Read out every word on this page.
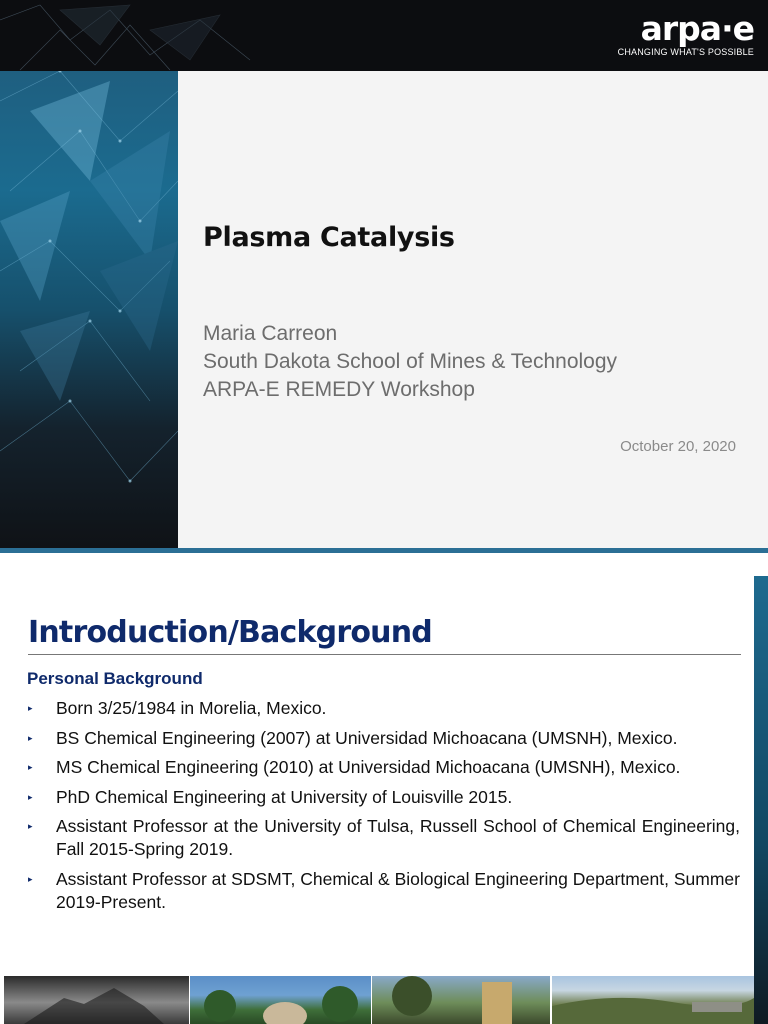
arpa·e
CHANGING WHAT'S POSSIBLE
Plasma Catalysis
Maria Carreon
South Dakota School of Mines & Technology
ARPA-E REMEDY Workshop
October 20, 2020
Introduction/Background
Personal Background
▸ Born 3/25/1984 in Morelia, Mexico.
▸ BS Chemical Engineering (2007) at Universidad Michoacana (UMSNH), Mexico.
▸ MS Chemical Engineering (2010) at Universidad Michoacana (UMSNH), Mexico.
▸ PhD Chemical Engineering at University of Louisville 2015.
▸ Assistant Professor at the University of Tulsa, Russell School of Chemical Engineering, Fall 2015-Spring 2019.
▸ Assistant Professor at SDSMT, Chemical & Biological Engineering Department, Summer 2019-Present.
